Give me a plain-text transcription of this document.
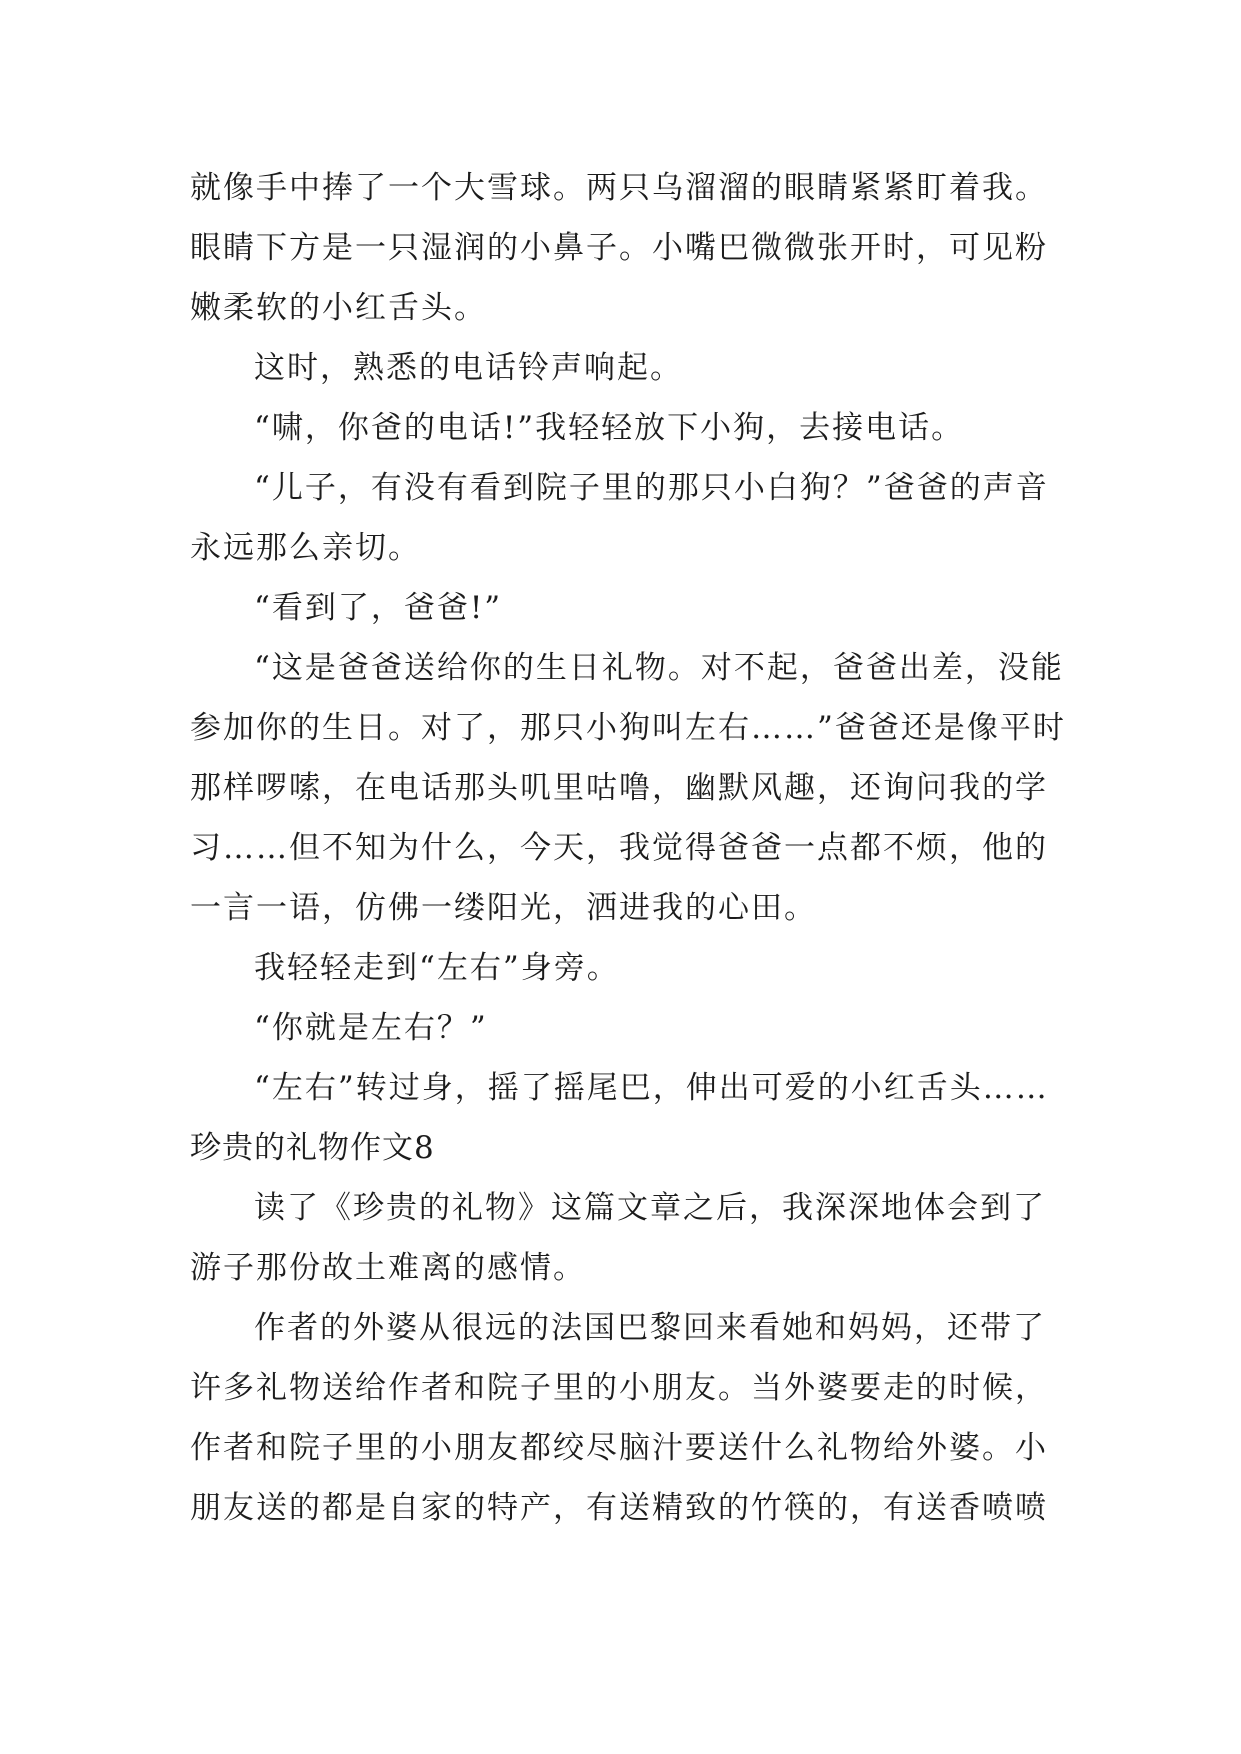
就像手中捧了一个大雪球。两只乌溜溜的眼睛紧紧盯着我。眼睛下方是一只湿润的小鼻子。小嘴巴微微张开时，可见粉嫩柔软的小红舌头。

这时，熟悉的电话铃声响起。

“啸，你爸的电话!”我轻轻放下小狗，去接电话。

“儿子，有没有看到院子里的那只小白狗？”爸爸的声音永远那么亲切。

“看到了，爸爸!”

“这是爸爸送给你的生日礼物。对不起，爸爸出差，没能参加你的生日。对了，那只小狗叫左右……”爸爸还是像平时那样啰嗦，在电话那头叽里咕噜，幽默风趣，还询问我的学习……但不知为什么，今天，我觉得爸爸一点都不烦，他的一言一语，仿佛一缕阳光，洒进我的心田。

我轻轻走到“左右”身旁。

“你就是左右？”

“左右”转过身，摇了摇尾巴，伸出可爱的小红舌头……

珍贵的礼物作文8

读了《珍贵的礼物》这篇文章之后，我深深地体会到了游子那份故土难离的感情。

作者的外婆从很远的法国巴黎回来看她和妈妈，还带了许多礼物送给作者和院子里的小朋友。当外婆要走的时候，作者和院子里的小朋友都绞尽脑汁要送什么礼物给外婆。小朋友送的都是自家的特产，有送精致的竹筷的，有送香喷喷
